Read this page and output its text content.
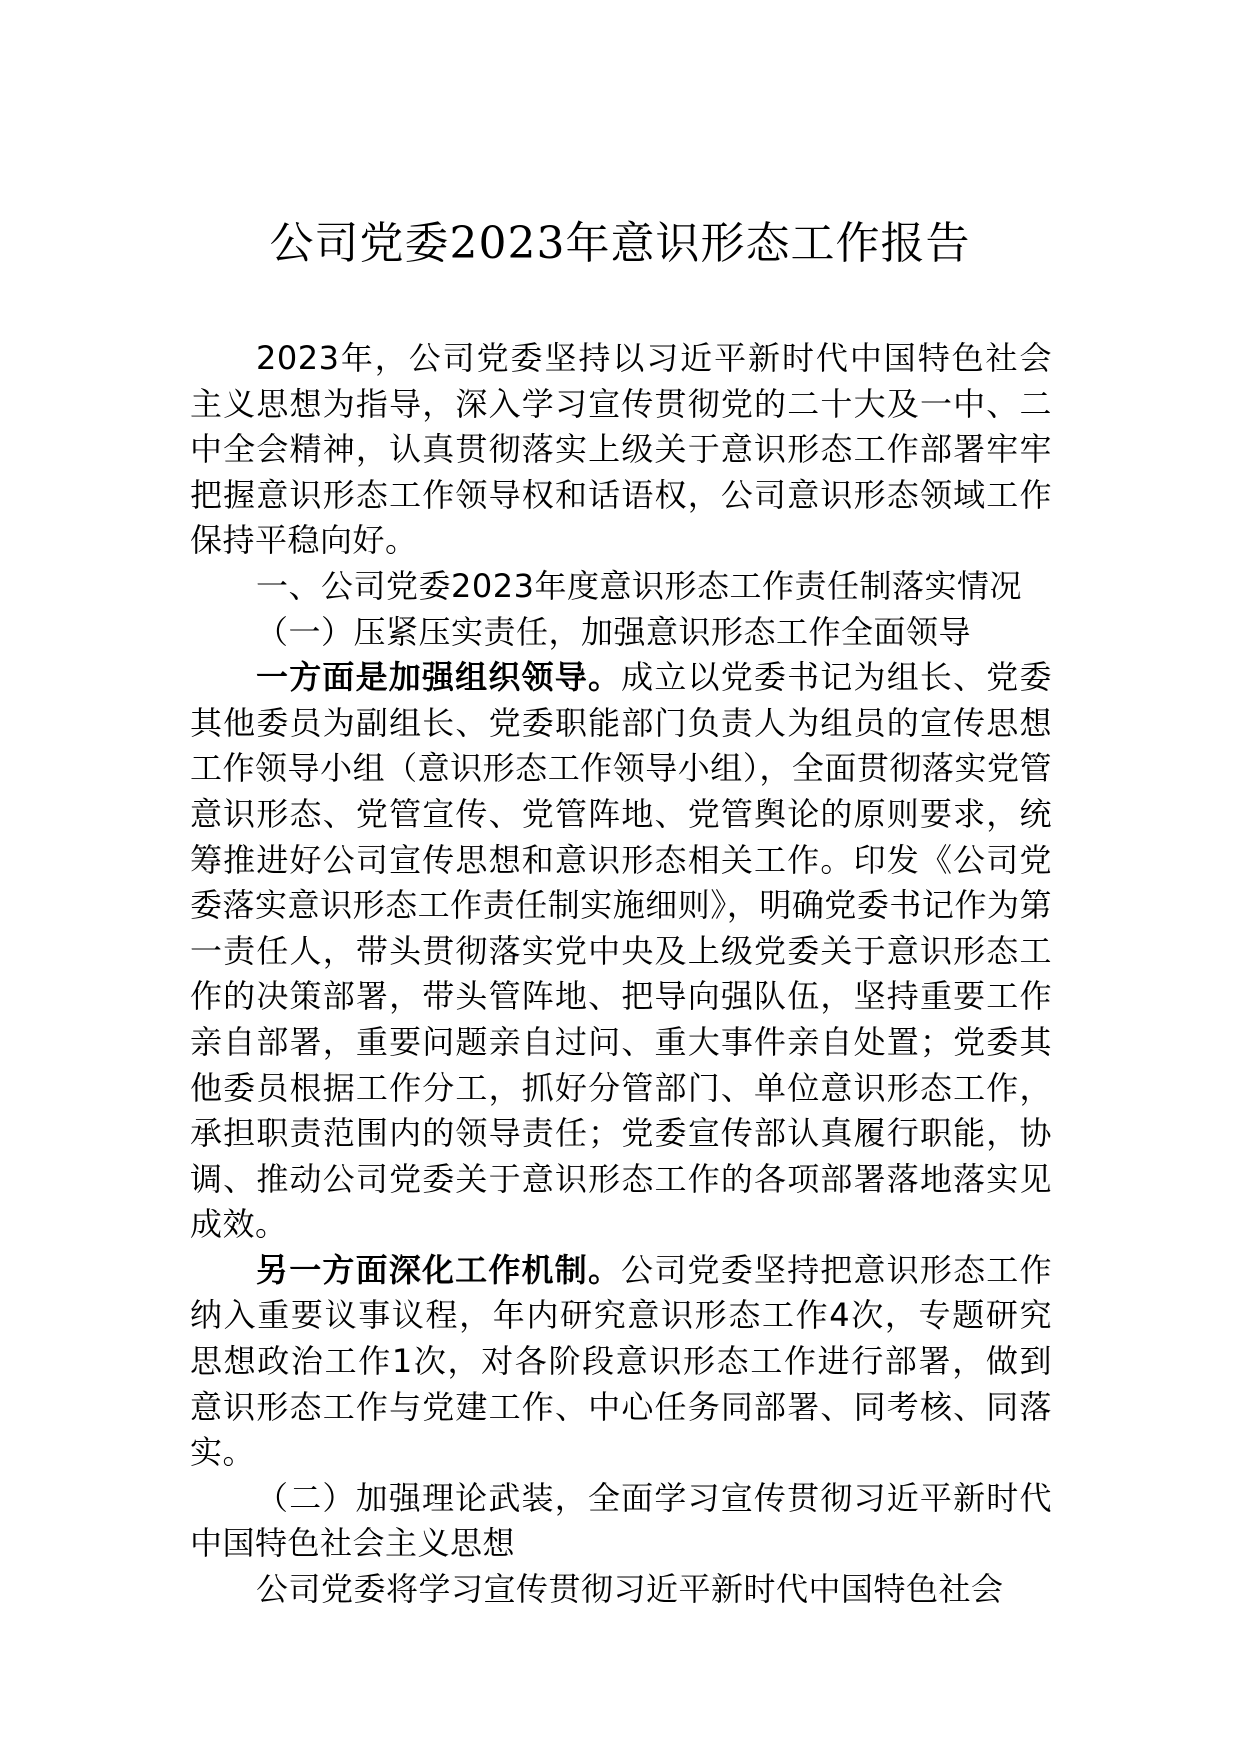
公司党委2023年意识形态工作报告

2023年，公司党委坚持以习近平新时代中国特色社会主义思想为指导，深入学习宣传贯彻党的二十大及一中、二中全会精神，认真贯彻落实上级关于意识形态工作部署牢牢把握意识形态工作领导权和话语权，公司意识形态领域工作保持平稳向好。

一、公司党委2023年度意识形态工作责任制落实情况

（一）压紧压实责任，加强意识形态工作全面领导

一方面是加强组织领导。成立以党委书记为组长、党委其他委员为副组长、党委职能部门负责人为组员的宣传思想工作领导小组（意识形态工作领导小组），全面贯彻落实党管意识形态、党管宣传、党管阵地、党管舆论的原则要求，统筹推进好公司宣传思想和意识形态相关工作。印发《公司党委落实意识形态工作责任制实施细则》，明确党委书记作为第一责任人，带头贯彻落实党中央及上级党委关于意识形态工作的决策部署，带头管阵地、把导向强队伍，坚持重要工作亲自部署，重要问题亲自过问、重大事件亲自处置；党委其他委员根据工作分工，抓好分管部门、单位意识形态工作，承担职责范围内的领导责任；党委宣传部认真履行职能，协调、推动公司党委关于意识形态工作的各项部署落地落实见成效。

另一方面深化工作机制。公司党委坚持把意识形态工作纳入重要议事议程，年内研究意识形态工作4次，专题研究思想政治工作1次，对各阶段意识形态工作进行部署，做到意识形态工作与党建工作、中心任务同部署、同考核、同落实。

（二）加强理论武装，全面学习宣传贯彻习近平新时代中国特色社会主义思想

公司党委将学习宣传贯彻习近平新时代中国特色社会
